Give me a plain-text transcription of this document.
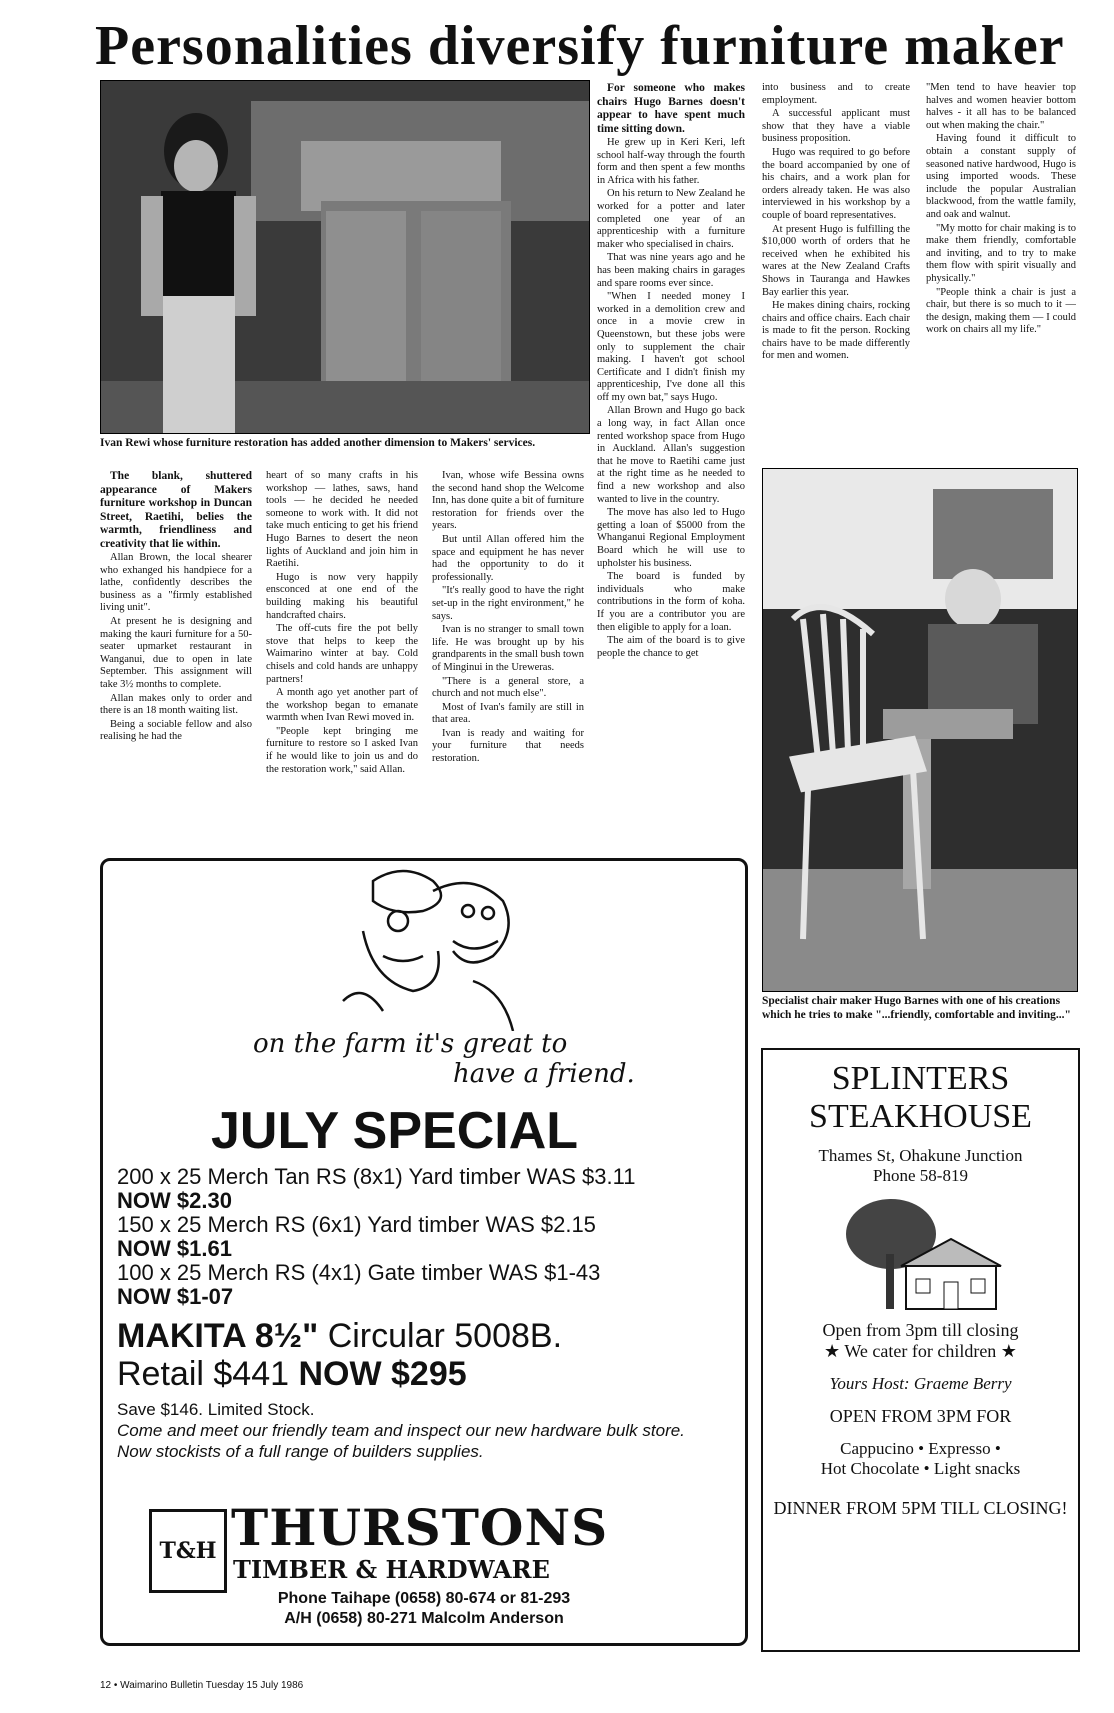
Personalities diversify furniture maker
Ivan Rewi whose furniture restoration has added another dimension to Makers' services.

The blank, shuttered appearance of Makers furniture workshop in Duncan Street, Raetihi, belies the warmth, friendliness and creativity that lie within.

Allan Brown, the local shearer who exhanged his handpiece for a lathe, confidently describes the business as a "firmly established living unit".

At present he is designing and making the kauri furniture for a 50-seater upmarket restaurant in Wanganui, due to open in late September. This assignment will take 3½ months to complete.

Allan makes only to order and there is an 18 month waiting list.

Being a sociable fellow and also realising he had the

heart of so many crafts in his workshop — lathes, saws, hand tools — he decided he needed someone to work with. It did not take much enticing to get his friend Hugo Barnes to desert the neon lights of Auckland and join him in Raetihi.

Hugo is now very happily ensconced at one end of the building making his beautiful handcrafted chairs.

The off-cuts fire the pot belly stove that helps to keep the Waimarino winter at bay. Cold chisels and cold hands are unhappy partners!

A month ago yet another part of the workshop began to emanate warmth when Ivan Rewi moved in.

"People kept bringing me furniture to restore so I asked Ivan if he would like to join us and do the restoration work," said Allan.

Ivan, whose wife Bessina owns the second hand shop the Welcome Inn, has done quite a bit of furniture restoration for friends over the years.

But until Allan offered him the space and equipment he has never had the opportunity to do it professionally.

"It's really good to have the right set-up in the right environment," he says.

Ivan is no stranger to small town life. He was brought up by his grandparents in the small bush town of Minginui in the Ureweras.

"There is a general store, a church and not much else".

Most of Ivan's family are still in that area.

Ivan is ready and waiting for your furniture that needs restoration.

For someone who makes chairs Hugo Barnes doesn't appear to have spent much time sitting down.

He grew up in Keri Keri, left school half-way through the fourth form and then spent a few months in Africa with his father.

On his return to New Zealand he worked for a potter and later completed one year of an apprenticeship with a furniture maker who specialised in chairs.

That was nine years ago and he has been making chairs in garages and spare rooms ever since.

"When I needed money I worked in a demolition crew and once in a movie crew in Queenstown, but these jobs were only to supplement the chair making. I haven't got school Certificate and I didn't finish my apprenticeship, I've done all this off my own bat," says Hugo.

Allan Brown and Hugo go back a long way, in fact Allan once rented workshop space from Hugo in Auckland. Allan's suggestion that he move to Raetihi came just at the right time as he needed to find a new workshop and also wanted to live in the country.

The move has also led to Hugo getting a loan of $5000 from the Whanganui Regional Employment Board which he will use to upholster his business.

The board is funded by individuals who make contributions in the form of koha. If you are a contributor you are then eligible to apply for a loan.

The aim of the board is to give people the chance to get

into business and to create employment.

A successful applicant must show that they have a viable business proposition.

Hugo was required to go before the board accompanied by one of his chairs, and a work plan for orders already taken. He was also interviewed in his workshop by a couple of board representatives.

At present Hugo is fulfilling the $10,000 worth of orders that he received when he exhibited his wares at the New Zealand Crafts Shows in Tauranga and Hawkes Bay earlier this year.

He makes dining chairs, rocking chairs and office chairs. Each chair is made to fit the person. Rocking chairs have to be made differently for men and women.

"Men tend to have heavier top halves and women heavier bottom halves - it all has to be balanced out when making the chair."

Having found it difficult to obtain a constant supply of seasoned native hardwood, Hugo is using imported woods. These include the popular Australian blackwood, from the wattle family, and oak and walnut.

"My motto for chair making is to make them friendly, comfortable and inviting, and to try to make them flow with spirit visually and physically."

"People think a chair is just a chair, but there is so much to it — the design, making them — I could work on chairs all my life."

Specialist chair maker Hugo Barnes with one of his creations which he tries to make "...friendly, comfortable and inviting..."
on the farm it's great to
have a friend.
JULY SPECIAL
200 x 25 Merch Tan RS (8x1) Yard timber WAS $3.11
NOW $2.30
150 x 25 Merch RS (6x1) Yard timber WAS $2.15
NOW $1.61
100 x 25 Merch RS (4x1) Gate timber WAS $1-43
NOW $1-07
MAKITA 8½" Circular 5008B.
Retail $441 NOW $295
Save $146. Limited Stock.
Come and meet our friendly team and inspect our new hardware bulk store.
Now stockists of a full range of builders supplies.
T&H THURSTONS
TIMBER & HARDWARE
Phone Taihape (0658) 80-674 or 81-293
A/H (0658) 80-271 Malcolm Anderson
SPLINTERS
STEAKHOUSE
Thames St, Ohakune Junction
Phone 58-819
Open from 3pm till closing
★ We cater for children ★
Yours Host: Graeme Berry
OPEN FROM 3PM FOR
Cappucino • Expresso •
Hot Chocolate • Light snacks
DINNER FROM 5PM TILL CLOSING!
12 • Waimarino Bulletin Tuesday 15 July 1986
